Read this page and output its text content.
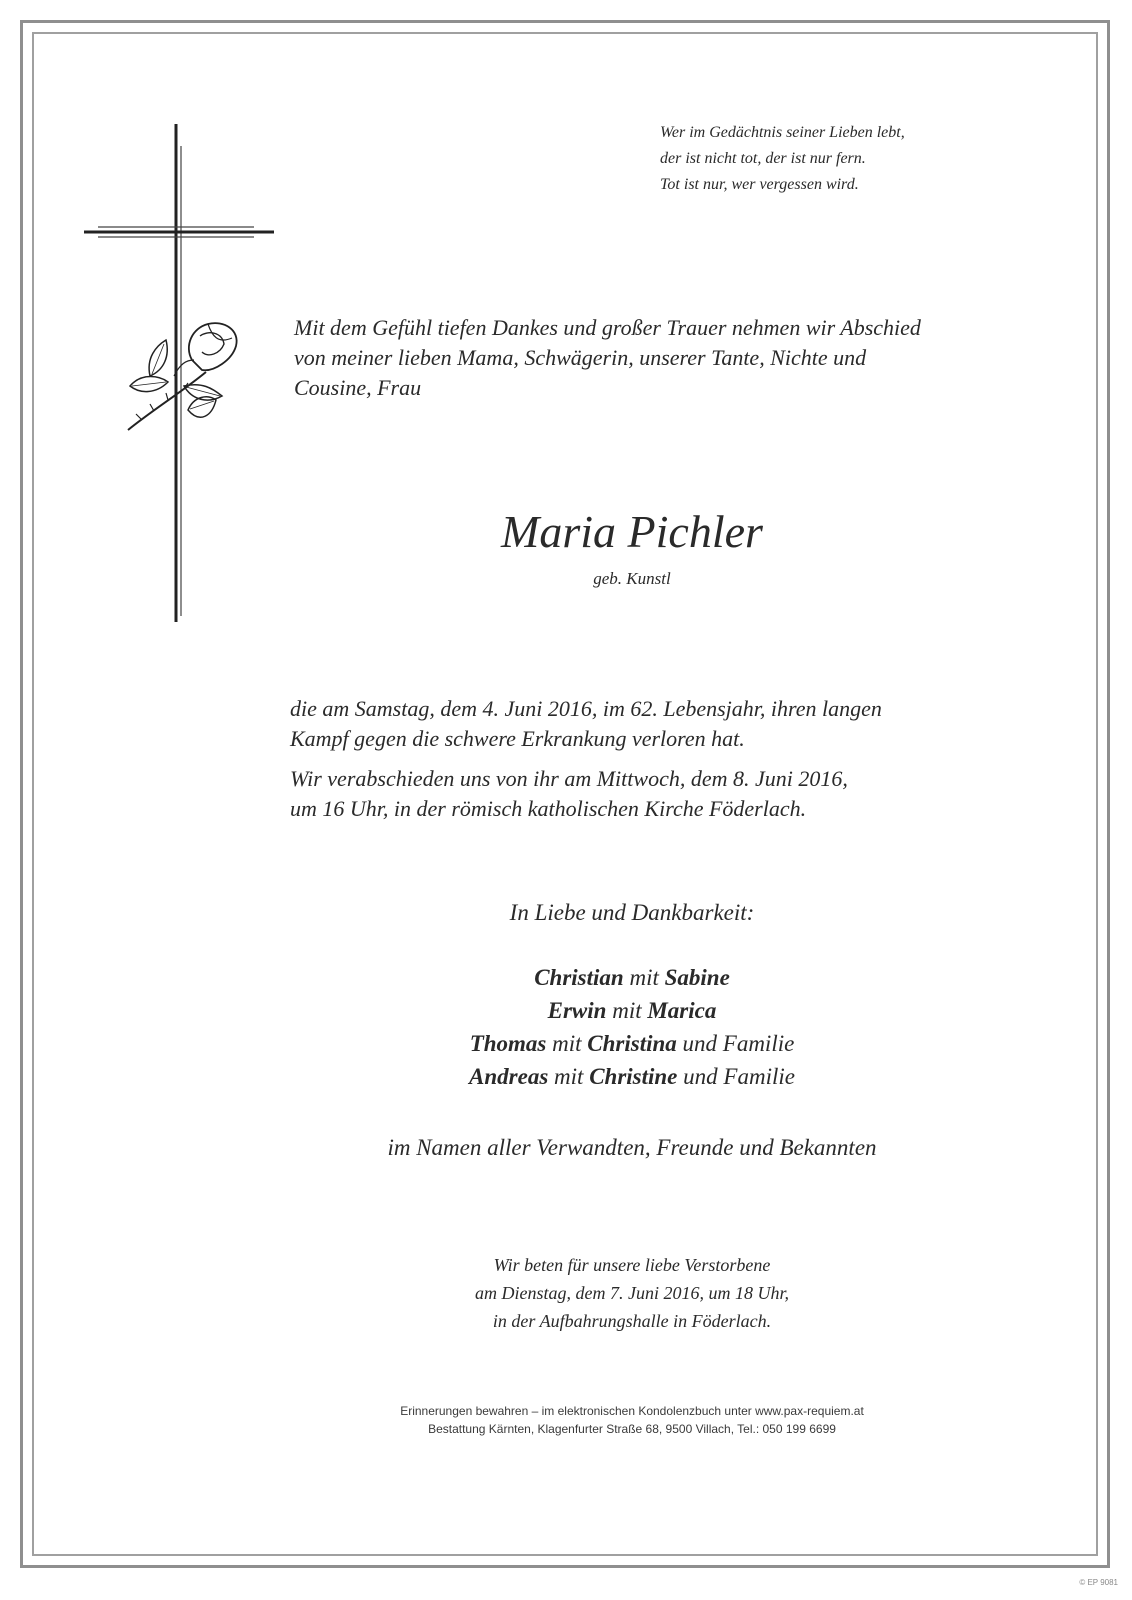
Wer im Gedächtnis seiner Lieben lebt,
der ist nicht tot, der ist nur fern.
Tot ist nur, wer vergessen wird.
Mit dem Gefühl tiefen Dankes und großer Trauer nehmen wir Abschied
von meiner lieben Mama, Schwägerin, unserer Tante, Nichte und
Cousine, Frau
Maria Pichler
geb. Kunstl
die am Samstag, dem 4. Juni 2016, im 62. Lebensjahr, ihren langen
Kampf gegen die schwere Erkrankung verloren hat.
Wir verabschieden uns von ihr am Mittwoch, dem 8. Juni 2016,
um 16 Uhr, in der römisch katholischen Kirche Föderlach.
In Liebe und Dankbarkeit:
Christian mit Sabine
Erwin mit Marica
Thomas mit Christina und Familie
Andreas mit Christine und Familie
im Namen aller Verwandten, Freunde und Bekannten
Wir beten für unsere liebe Verstorbene
am Dienstag, dem 7. Juni 2016, um 18 Uhr,
in der Aufbahrungshalle in Föderlach.
Erinnerungen bewahren – im elektronischen Kondolenzbuch unter www.pax-requiem.at
Bestattung Kärnten, Klagenfurter Straße 68, 9500 Villach, Tel.: 050 199 6699
© EP 9081
